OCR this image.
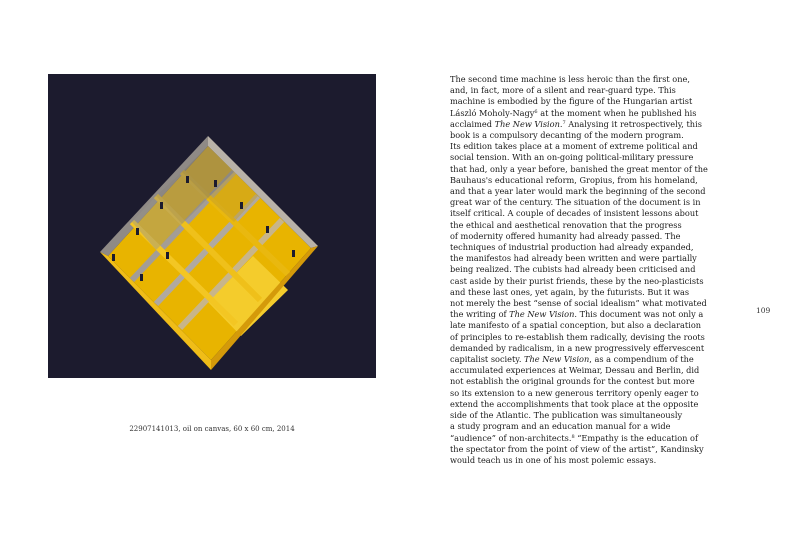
22907141013, oil on canvas, 60 x 60 cm, 2014
The second time machine is less heroic than the first one,
and, in fact, more of a silent and rear-guard type. This
machine is embodied by the figure of the Hungarian artist
László Moholy-Nagy$^6$ at the moment when he published his
acclaimed The New Vision.$^7$ Analysing it retrospectively, this
book is a compulsory decanting of the modern program.
Its edition takes place at a moment of extreme political and
social tension. With an on-going political-military pressure
that had, only a year before, banished the great mentor of the
Bauhaus's educational reform, Gropius, from his homeland,
and that a year later would mark the beginning of the second
great war of the century. The situation of the document is in
itself critical. A couple of decades of insistent lessons about
the ethical and aesthetical renovation that the progress
of modernity offered humanity had already passed. The
techniques of industrial production had already expanded,
the manifestos had already been written and were partially
being realized. The cubists had already been criticised and
cast aside by their purist friends, these by the neo-plasticists
and these last ones, yet again, by the futurists. But it was
not merely the best “sense of social idealism” what motivated
the writing of The New Vision. This document was not only a
late manifesto of a spatial conception, but also a declaration
of principles to re-establish them radically, devising the roots
demanded by radicalism, in a new progressively effervescent
capitalist society. The New Vision, as a compendium of the
accumulated experiences at Weimar, Dessau and Berlin, did
not establish the original grounds for the contest but more
so its extension to a new generous territory openly eager to
extend the accomplishments that took place at the opposite
side of the Atlantic. The publication was simultaneously
a study program and an education manual for a wide
“audience” of non-architects.$^8$ “Empathy is the education of
the spectator from the point of view of the artist”, Kandinsky
would teach us in one of his most polemic essays.
109
